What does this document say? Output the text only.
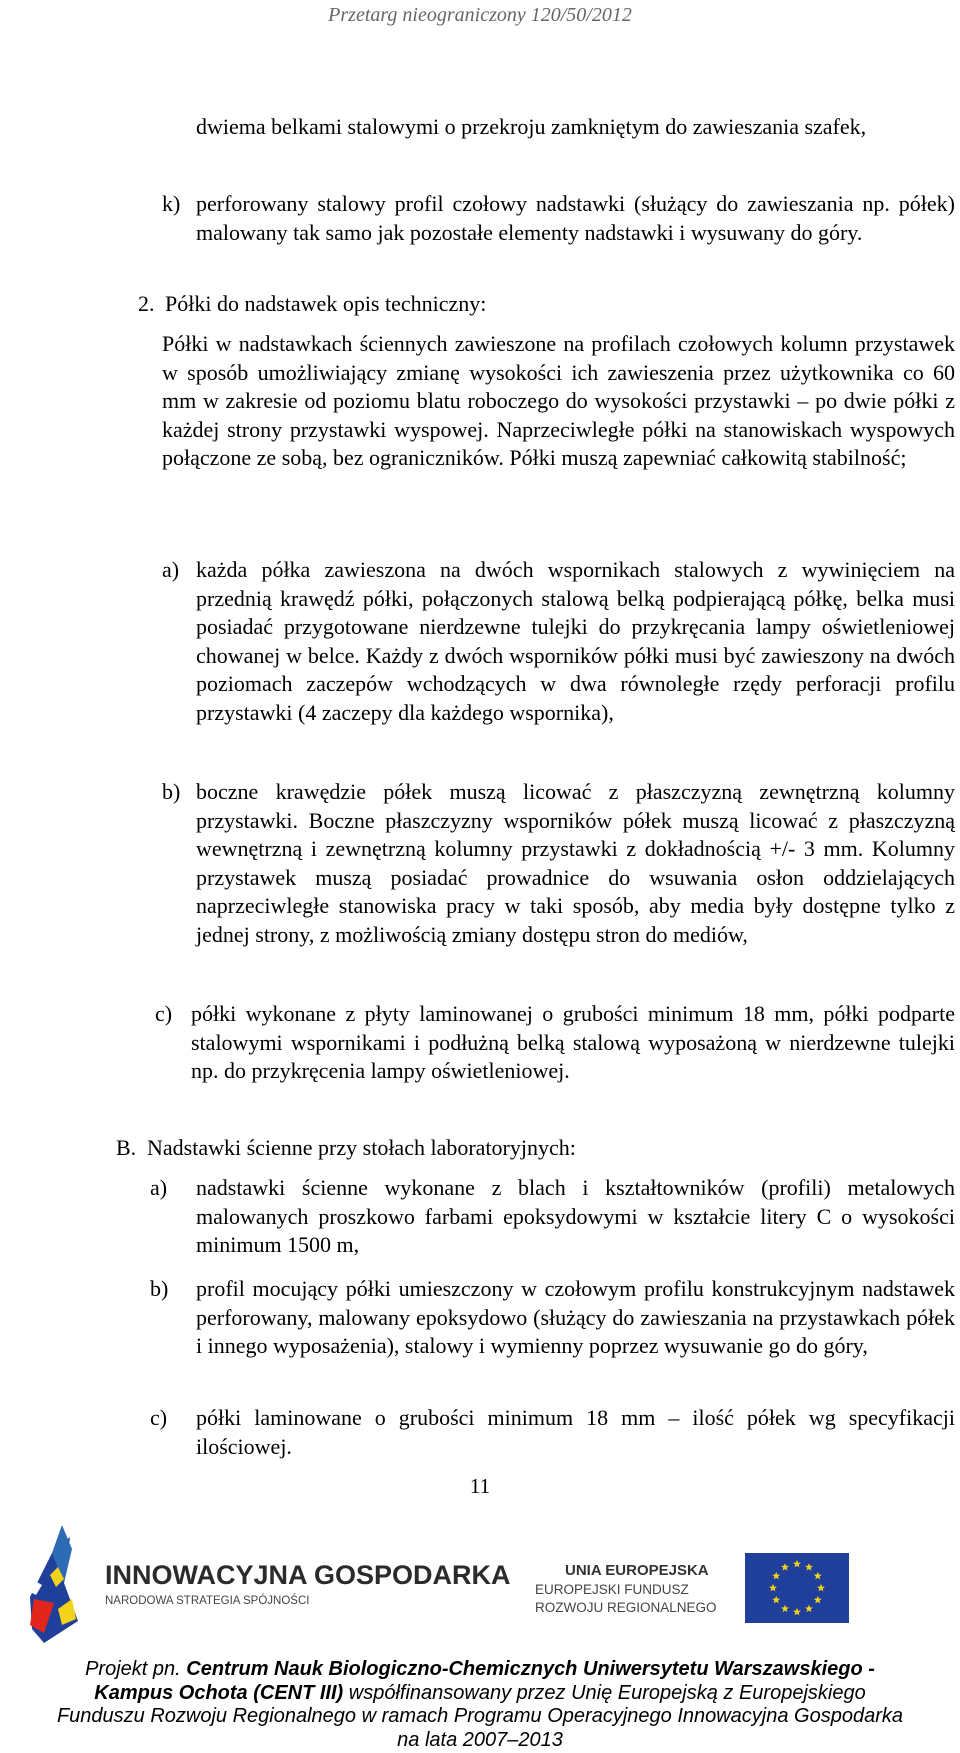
Przetarg nieograniczony 120/50/2012

dwiema belkami stalowymi o przekroju zamkniętym do zawieszania szafek,

k) perforowany stalowy profil czołowy nadstawki (służący do zawieszania np. półek) malowany tak samo jak pozostałe elementy nadstawki i wysuwany do góry.

2. Półki do nadstawek opis techniczny:

Półki w nadstawkach ściennych zawieszone na profilach czołowych kolumn przystawek w sposób umożliwiający zmianę wysokości ich zawieszenia przez użytkownika co 60 mm w zakresie od poziomu blatu roboczego do wysokości przystawki – po dwie półki z każdej strony przystawki wyspowej. Naprzeciwległe półki na stanowiskach wyspowych połączone ze sobą, bez ograniczników. Półki muszą zapewniać całkowitą stabilność;

a) każda półka zawieszona na dwóch wspornikach stalowych z wywinięciem na przednią krawędź półki, połączonych stalową belką podpierającą półkę, belka musi posiadać przygotowane nierdzewne tulejki do przykręcania lampy oświetleniowej chowanej w belce. Każdy z dwóch wsporników półki musi być zawieszony na dwóch poziomach zaczepów wchodzących w dwa równoległe rzędy perforacji profilu przystawki (4 zaczepy dla każdego wspornika),

b) boczne krawędzie półek muszą licować z płaszczyzną zewnętrzną kolumny przystawki. Boczne płaszczyzny wsporników półek muszą licować z płaszczyzną wewnętrzną i zewnętrzną kolumny przystawki z dokładnością +/- 3 mm. Kolumny przystawek muszą posiadać prowadnice do wsuwania osłon oddzielających naprzeciwległe stanowiska pracy w taki sposób, aby media były dostępne tylko z jednej strony, z możliwością zmiany dostępu stron do mediów,

c) półki wykonane z płyty laminowanej o grubości minimum 18 mm, półki podparte stalowymi wspornikami i podłużną belką stalową wyposażoną w nierdzewne tulejki np. do przykręcenia lampy oświetleniowej.

B. Nadstawki ścienne przy stołach laboratoryjnych:

a) nadstawki ścienne wykonane z blach i kształtowników (profili) metalowych malowanych proszkowo farbami epoksydowymi w kształcie litery C o wysokości minimum 1500 m,

b) profil mocujący półki umieszczony w czołowym profilu konstrukcyjnym nadstawek perforowany, malowany epoksydowo (służący do zawieszania na przystawkach półek i innego wyposażenia), stalowy i wymienny poprzez wysuwanie go do góry,

c) półki laminowane o grubości minimum 18 mm – ilość półek wg specyfikacji ilościowej.

11
INNOWACYJNA GOSPODARKA
NARODOWA STRATEGIA SPÓJNOŚCI
UNIA EUROPEJSKA
EUROPEJSKI FUNDUSZ
ROZWOJU REGIONALNEGO
Projekt pn. Centrum Nauk Biologiczno-Chemicznych Uniwersytetu Warszawskiego -
Kampus Ochota (CENT III) współfinansowany przez Unię Europejską z Europejskiego
Funduszu Rozwoju Regionalnego w ramach Programu Operacyjnego Innowacyjna Gospodarka
na lata 2007–2013
